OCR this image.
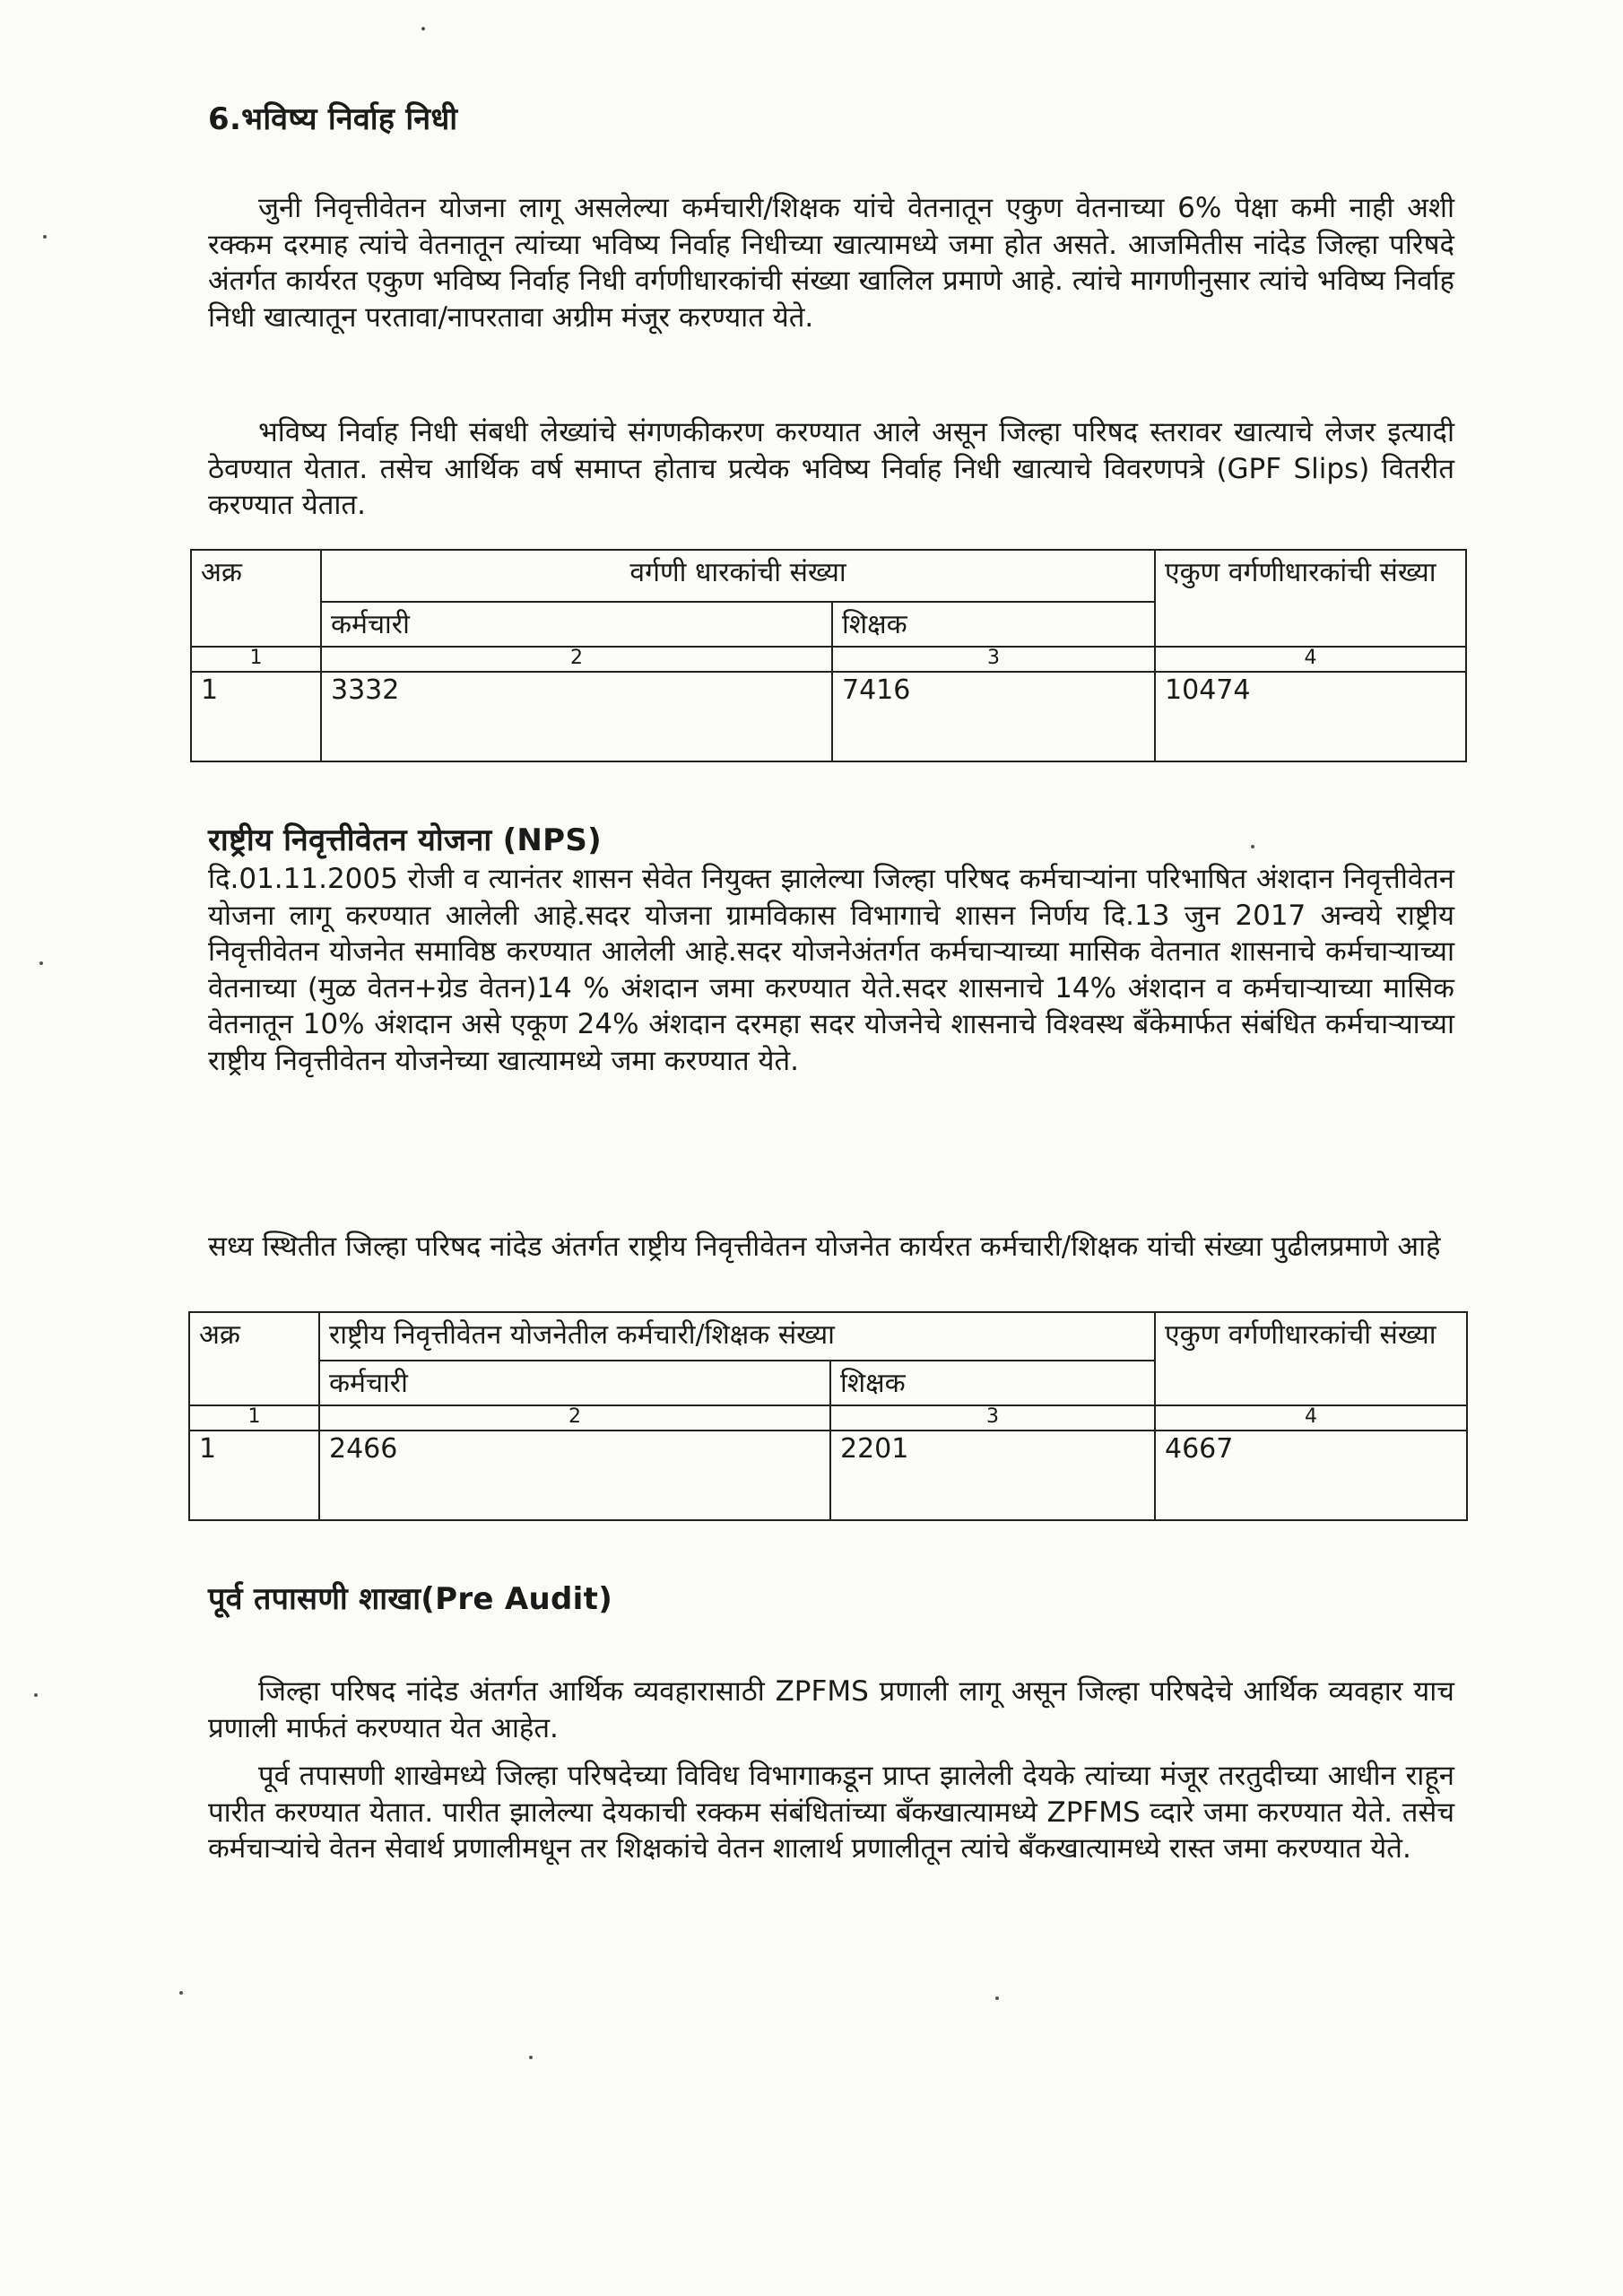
6.भविष्य निर्वाह निधी
जुनी निवृत्तीवेतन योजना लागू असलेल्या कर्मचारी/शिक्षक यांचे वेतनातून एकुण वेतनाच्या 6% पेक्षा कमी नाही अशी रक्कम दरमाह त्यांचे वेतनातून त्यांच्या भविष्य निर्वाह निधीच्या खात्यामध्ये जमा होत असते. आजमितीस नांदेड जिल्हा परिषदे अंतर्गत कार्यरत एकुण भविष्य निर्वाह निधी वर्गणीधारकांची संख्या खालिल प्रमाणे आहे. त्यांचे मागणीनुसार त्यांचे भविष्य निर्वाह निधी खात्यातून परतावा/नापरतावा अग्रीम मंजूर करण्यात येते.
भविष्य निर्वाह निधी संबधी लेख्यांचे संगणकीकरण करण्यात आले असून जिल्हा परिषद स्तरावर खात्याचे लेजर इत्यादी ठेवण्यात येतात. तसेच आर्थिक वर्ष समाप्त होताच प्रत्येक भविष्य निर्वाह निधी खात्याचे विवरणपत्रे (GPF Slips) वितरीत करण्यात येतात.
अक्र	वर्गणी धारकांची संख्या		एकुण वर्गणीधारकांची संख्या
	कर्मचारी	शिक्षक	
1	2	3	4
1	3332	7416	10474
राष्ट्रीय निवृत्तीवेतन योजना (NPS)
दि.01.11.2005 रोजी व त्यानंतर शासन सेवेत नियुक्त झालेल्या जिल्हा परिषद कर्मचाऱ्यांना परिभाषित अंशदान निवृत्तीवेतन योजना लागू करण्यात आलेली आहे.सदर योजना ग्रामविकास विभागाचे शासन निर्णय दि.13 जुन 2017 अन्वये राष्ट्रीय निवृत्तीवेतन योजनेत समाविष्ठ करण्यात आलेली आहे.सदर योजनेअंतर्गत कर्मचाऱ्याच्या मासिक वेतनात शासनाचे कर्मचाऱ्याच्या वेतनाच्या (मुळ वेतन+ग्रेड वेतन)14 % अंशदान जमा करण्यात येते.सदर शासनाचे 14% अंशदान व कर्मचाऱ्याच्या मासिक वेतनातून 10% अंशदान असे एकूण 24% अंशदान दरमहा सदर योजनेचे शासनाचे विश्वस्थ बँकेमार्फत संबंधित कर्मचाऱ्याच्या राष्ट्रीय निवृत्तीवेतन योजनेच्या खात्यामध्ये जमा करण्यात येते.
सध्य स्थितीत जिल्हा परिषद नांदेड अंतर्गत राष्ट्रीय निवृत्तीवेतन योजनेत कार्यरत कर्मचारी/शिक्षक यांची संख्या पुढीलप्रमाणे आहे
अक्र	राष्ट्रीय निवृत्तीवेतन योजनेतील कर्मचारी/शिक्षक संख्या		एकुण वर्गणीधारकांची संख्या
	कर्मचारी	शिक्षक	
1	2	3	4
1	2466	2201	4667
पूर्व तपासणी शाखा(Pre Audit)
जिल्हा परिषद नांदेड अंतर्गत आर्थिक व्यवहारासाठी ZPFMS प्रणाली लागू असून जिल्हा परिषदेचे आर्थिक व्यवहार याच प्रणाली मार्फतं करण्यात येत आहेत.
पूर्व तपासणी शाखेमध्ये जिल्हा परिषदेच्या विविध विभागाकडून प्राप्त झालेली देयके त्यांच्या मंजूर तरतुदीच्या आधीन राहून पारीत करण्यात येतात. पारीत झालेल्या देयकाची रक्कम संबंधितांच्या बँकखात्यामध्ये ZPFMS व्दारे जमा करण्यात येते. तसेच कर्मचाऱ्यांचे वेतन सेवार्थ प्रणालीमधून तर शिक्षकांचे वेतन शालार्थ प्रणालीतून त्यांचे बँकखात्यामध्ये रास्त जमा करण्यात येते.
